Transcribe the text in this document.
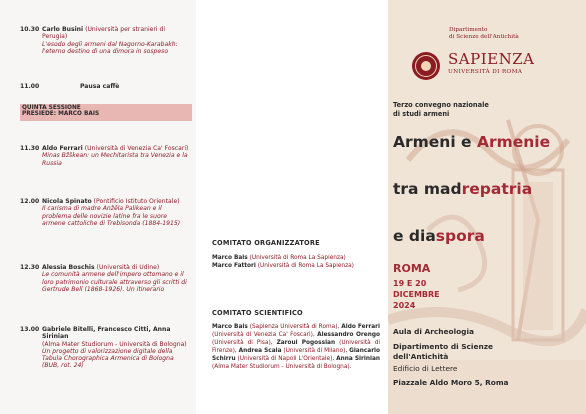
10.30 Carlo Busini (Università per stranieri di Perugia)
L'esodo degli armeni dal Nagorno-Karabakh: l'eterno destino di una dimora in sospeso
11.00	Pausa caffè
QUINTA SESSIONE
PRESIEDE: MARCO BAIS
11.30 Aldo Ferrari (Università di Venezia Ca' Foscari)
Minas Bžškean: un Mechitarista tra Venezia e la Russia
12.00 Nicola Spinato (Pontificio Istituto Orientale)
Il carisma di madre Anžēla Palikean e il problema delle novizie latine fra le suore armene cattoliche di Trebisonda (1884-1915)
12.30 Alessia Boschis (Università di Udine)
Le comunità armene dell'impero ottomano e il loro patrimonio culturale attraverso gli scritti di Gertrude Bell (1868-1926). Un itinerario
13.00 Gabriele Bitelli, Francesco Citti, Anna Sirinian
(Alma Mater Studiorum - Università di Bologna)
Un progetto di valorizzazione digitale della Tabula Chorographica Armenica di Bologna (BUB, rot. 24)
COMITATO ORGANIZZATORE
Marco Bais (Università di Roma La Sapienza)
Marco Fattori (Università di Roma La Sapienza)
COMITATO SCIENTIFICO
Marco Bais (Sapienza Università di Roma), Aldo Ferrari (Università di Venezia Ca' Foscari), Alessandro Orengo (Università di Pisa), Zaroui Pogossian (Università di Firenze), Andrea Scala (Università di Milano), Giancarlo Schirru (Università di Napoli L'Orientale), Anna Sirinian (Alma Mater Studiorum - Università di Bologna).
Dipartimento
di Scienze dell'Antichità
SAPIENZA
UNIVERSITÀ DI ROMA
Terzo convegno nazionale
di studi armeni
Armeni e Armenie
tra madrepatria
e diaspora
ROMA
19 E 20
DICEMBRE
2024
Aula di Archeologia
Dipartimento di Scienze
dell'Antichità
Edificio di Lettere
Piazzale Aldo Moro 5, Roma
